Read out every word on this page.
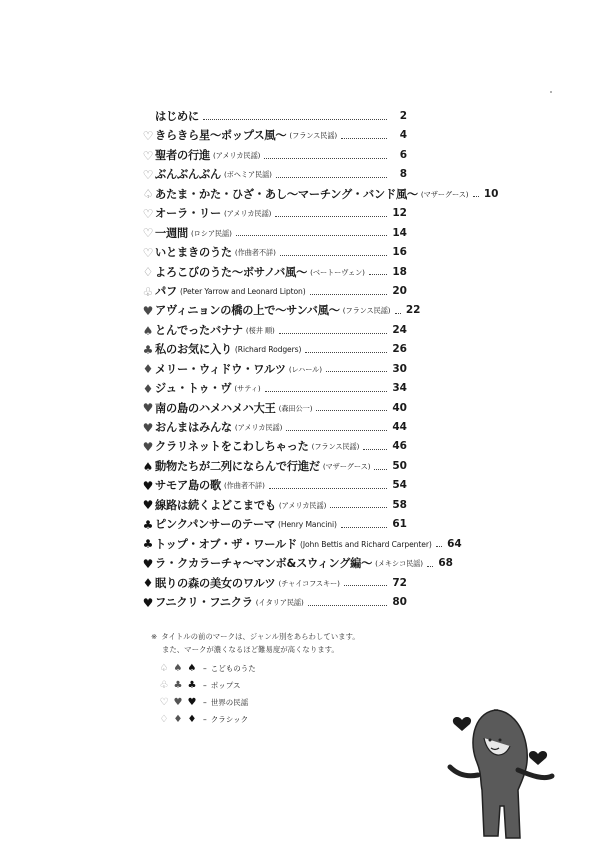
はじめに	2
♡ きらきら星〜ポップス風〜 (フランス民謡)	4
♡ 聖者の行進 (アメリカ民謡)	6
♡ ぶんぶんぶん (ボヘミア民謡)	8
♤ あたま・かた・ひざ・あし〜マーチング・バンド風〜 (マザーグース) 10
♡ オーラ・リー (アメリカ民謡)	12
♡ 一週間 (ロシア民謡)	14
♡ いとまきのうた (作曲者不詳)	16
♢ よろこびのうた〜ボサノバ風〜 (ベートーヴェン)	18
♧ パフ (Peter Yarrow and Leonard Lipton)	20
♥ アヴィニョンの橋の上で〜サンバ風〜 (フランス民謡) 22
♠ とんでったバナナ (桜井 順)	24
♣ 私のお気に入り (Richard Rodgers)	26
♦ メリー・ウィドウ・ワルツ (レハール)	30
♦ ジュ・トゥ・ヴ (サティ)	34
♥ 南の島のハメハメハ大王 (森田公一)	40
♥ おんまはみんな (アメリカ民謡)	44
♥ クラリネットをこわしちゃった (フランス民謡)	46
♠ 動物たちが二列にならんで行進だ (マザーグース) 50
♥ サモア島の歌 (作曲者不詳)	54
♥ 線路は続くよどこまでも (アメリカ民謡)	58
♣ ピンクパンサーのテーマ (Henry Mancini)	61
♣ トップ・オブ・ザ・ワールド (John Bettis and Richard Carpenter) 64
♥ ラ・クカラーチャ〜マンボ&スウィング編〜 (メキシコ民謡) 68
♦ 眠りの森の美女のワルツ (チャイコフスキー)	72
♥ フニクリ・フニクラ (イタリア民謡)	80
※ タイトルの前のマークは、ジャンル別をあらわしています。
また、マークが濃くなるほど難易度が高くなります。
♤ ♠ ♠ – こどものうた
♧ ♣ ♣ – ポップス
♡ ♥ ♥ – 世界の民謡
♢ ♦ ♦ – クラシック
